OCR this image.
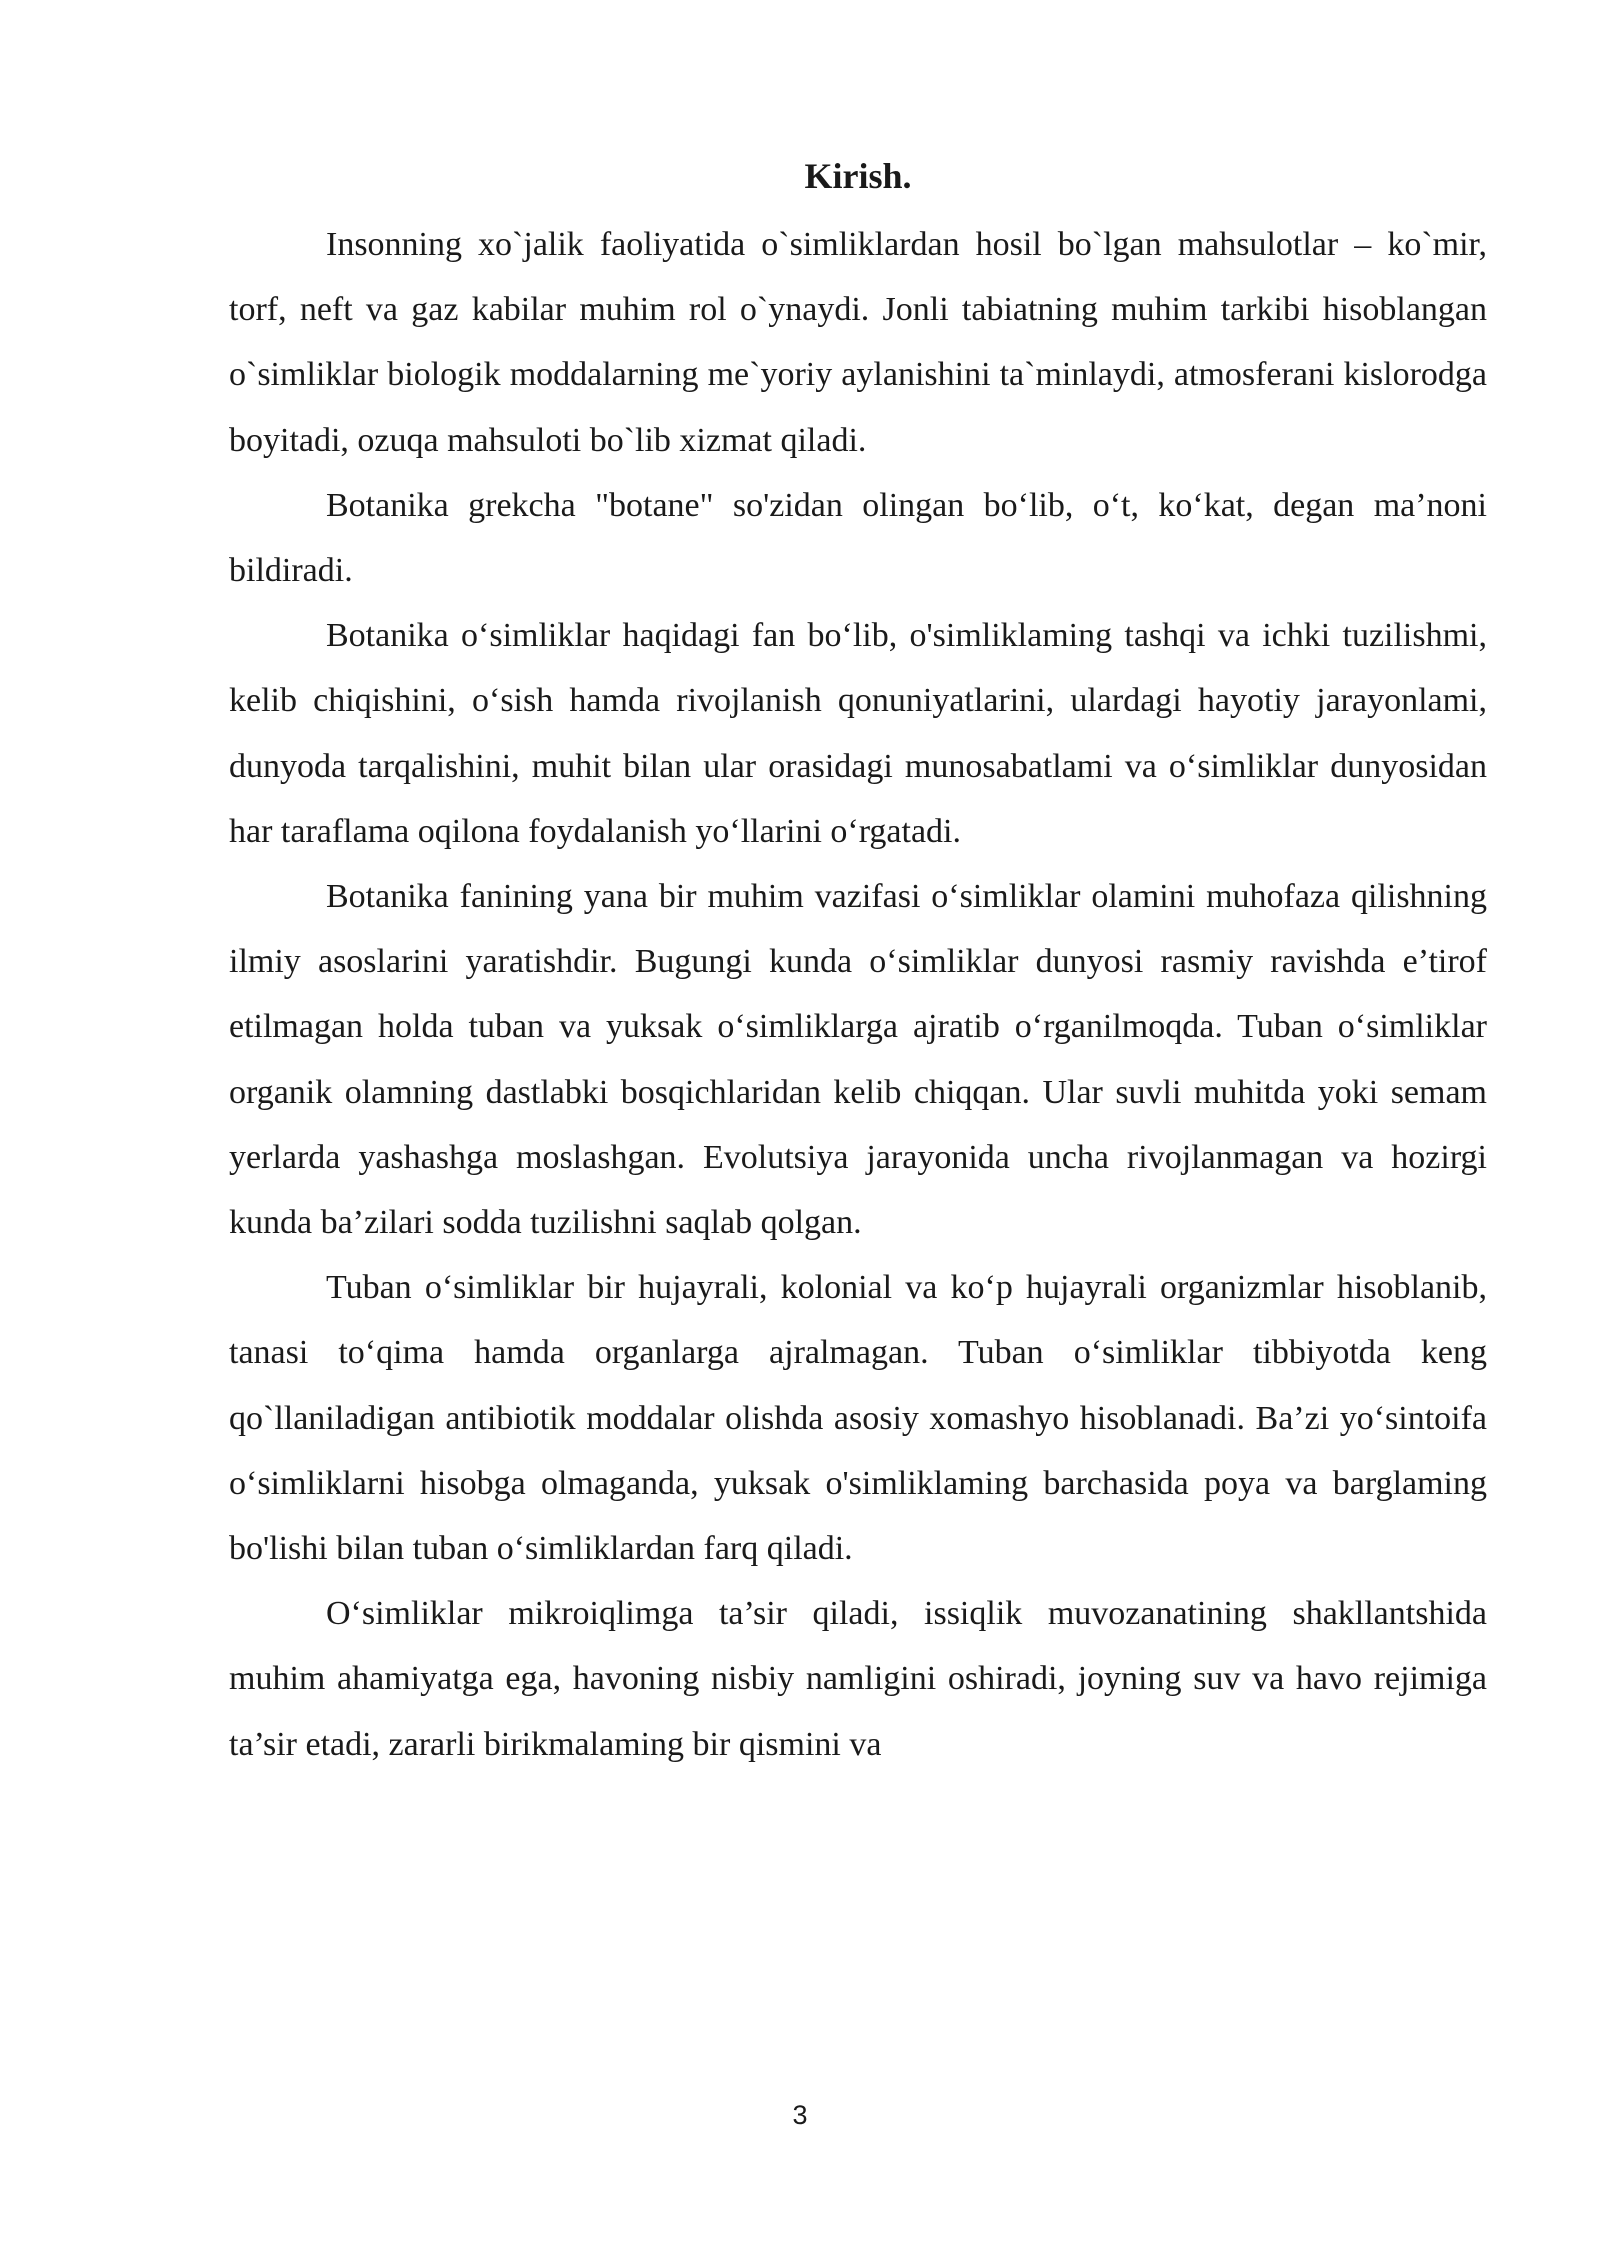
Kirish.

Insonning xo`jalik faoliyatida o`simliklardan hosil bo`lgan mahsulotlar – ko`mir, torf, neft va gaz kabilar muhim rol o`ynaydi. Jonli tabiatning muhim tarkibi hisoblangan o`simliklar biologik moddalarning me`yoriy aylanishini ta`minlaydi, atmosferani kislorodga boyitadi, ozuqa mahsuloti bo`lib xizmat qiladi.

Botanika grekcha "botane" so'zidan olingan bo‘lib, o‘t, ko‘kat, degan ma’noni bildiradi.

Botanika o‘simliklar haqidagi fan bo‘lib, o'simliklaming tashqi va ichki tuzilishmi, kelib chiqishini, o‘sish hamda rivojlanish qonuniyatlarini, ulardagi hayotiy jarayonlami, dunyoda tarqalishini, muhit bilan ular orasidagi munosabatlami va o‘simliklar dunyosidan har taraflama oqilona foydalanish yo‘llarini o‘rgatadi.

Botanika fanining yana bir muhim vazifasi o‘simliklar olamini muhofaza qilishning ilmiy asoslarini yaratishdir. Bugungi kunda o‘simliklar dunyosi rasmiy ravishda e’tirof etilmagan holda tuban va yuksak o‘simliklarga ajratib o‘rganilmoqda. Tuban o‘simliklar organik olamning dastlabki bosqichlaridan kelib chiqqan. Ular suvli muhitda yoki semam yerlarda yashashga moslashgan. Evolutsiya jarayonida uncha rivojlanmagan va hozirgi kunda ba’zilari sodda tuzilishni saqlab qolgan.

Tuban o‘simliklar bir hujayrali, kolonial va ko‘p hujayrali organizmlar hisoblanib, tanasi to‘qima hamda organlarga ajralmagan. Tuban o‘simliklar tibbiyotda keng qo`llaniladigan antibiotik moddalar olishda asosiy xomashyo hisoblanadi. Ba’zi yo‘sintoifa o‘simliklarni hisobga olmaganda, yuksak o'simliklaming barchasida poya va barglaming bo'lishi bilan tuban o‘simliklardan farq qiladi.

O‘simliklar mikroiqlimga ta’sir qiladi, issiqlik muvozanatining shakllantshida muhim ahamiyatga ega, havoning nisbiy namligini oshiradi, joyning suv va havo rejimiga ta’sir etadi, zararli birikmalaming bir qismini va

3
